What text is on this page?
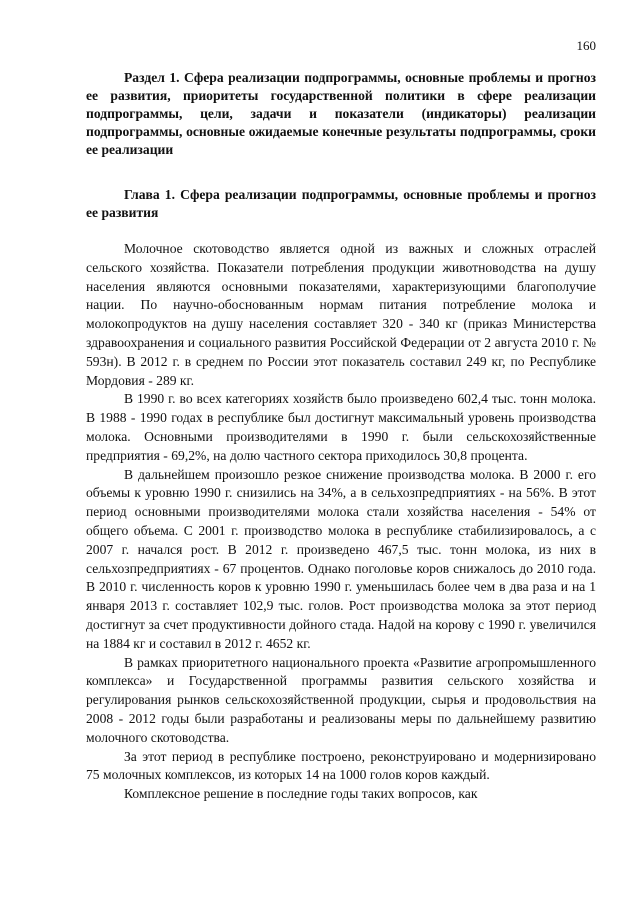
160
Раздел 1. Сфера реализации подпрограммы, основные проблемы и прогноз ее развития, приоритеты государственной политики в сфере реализации подпрограммы, цели, задачи и показатели (индикаторы) реализации подпрограммы, основные ожидаемые конечные результаты подпрограммы, сроки ее реализации
Глава 1. Сфера реализации подпрограммы, основные проблемы и прогноз ее развития

Молочное скотоводство является одной из важных и сложных отраслей сельского хозяйства. Показатели потребления продукции животноводства на душу населения являются основными показателями, характеризующими благополучие нации. По научно-обоснованным нормам питания потребление молока и молокопродуктов на душу населения составляет 320 - 340 кг (приказ Министерства здравоохранения и социального развития Российской Федерации от 2 августа 2010 г. № 593н). В 2012 г. в среднем по России этот показатель составил 249 кг, по Республике Мордовия - 289 кг.

В 1990 г. во всех категориях хозяйств было произведено 602,4 тыс. тонн молока. В 1988 - 1990 годах в республике был достигнут максимальный уровень производства молока. Основными производителями в 1990 г. были сельскохозяйственные предприятия - 69,2%, на долю частного сектора приходилось 30,8 процента.

В дальнейшем произошло резкое снижение производства молока. В 2000 г. его объемы к уровню 1990 г. снизились на 34%, а в сельхозпредприятиях - на 56%. В этот период основными производителями молока стали хозяйства населения - 54% от общего объема. С 2001 г. производство молока в республике стабилизировалось, а с 2007 г. начался рост. В 2012 г. произведено 467,5 тыс. тонн молока, из них в сельхозпредприятиях - 67 процентов. Однако поголовье коров снижалось до 2010 года. В 2010 г. численность коров к уровню 1990 г. уменьшилась более чем в два раза и на 1 января 2013 г. составляет 102,9 тыс. голов. Рост производства молока за этот период достигнут за счет продуктивности дойного стада. Надой на корову с 1990 г. увеличился на 1884 кг и составил в 2012 г. 4652 кг.

В рамках приоритетного национального проекта «Развитие агропромышленного комплекса» и Государственной программы развития сельского хозяйства и регулирования рынков сельскохозяйственной продукции, сырья и продовольствия на 2008 - 2012 годы были разработаны и реализованы меры по дальнейшему развитию молочного скотоводства.

За этот период в республике построено, реконструировано и модернизировано 75 молочных комплексов, из которых 14 на 1000 голов коров каждый.

Комплексное решение в последние годы таких вопросов, как
